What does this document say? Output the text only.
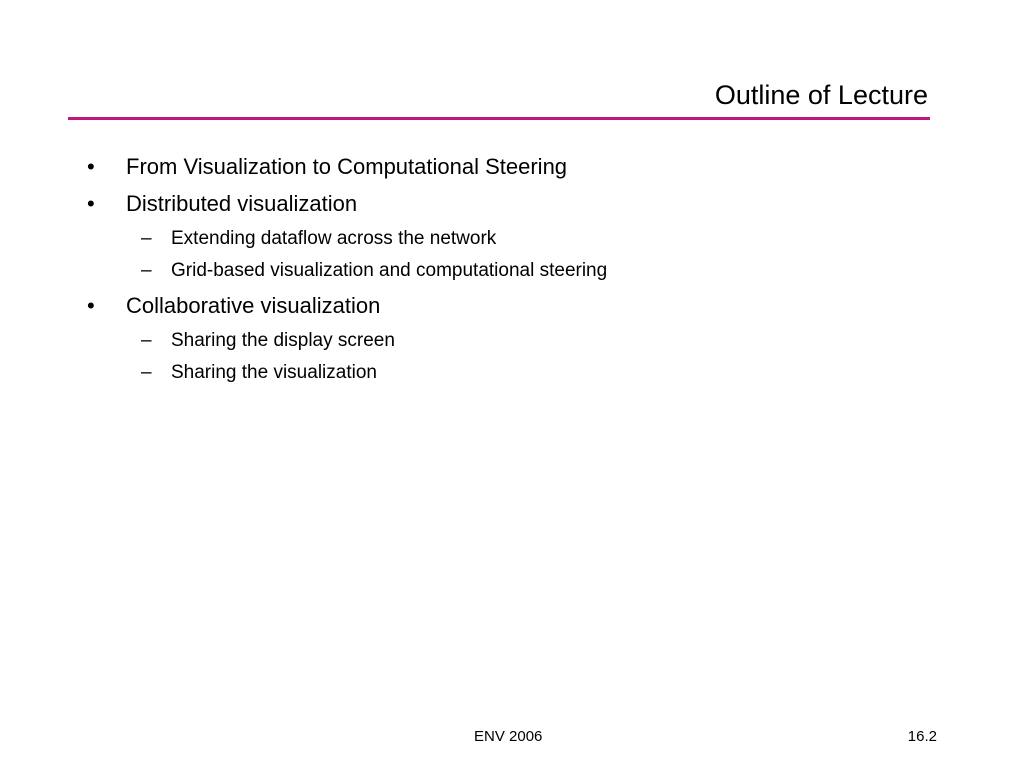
Outline of Lecture
• From Visualization to Computational Steering
• Distributed visualization
– Extending dataflow across the network
– Grid-based visualization and computational steering
• Collaborative visualization
– Sharing the display screen
– Sharing the visualization
ENV 2006	16.2
